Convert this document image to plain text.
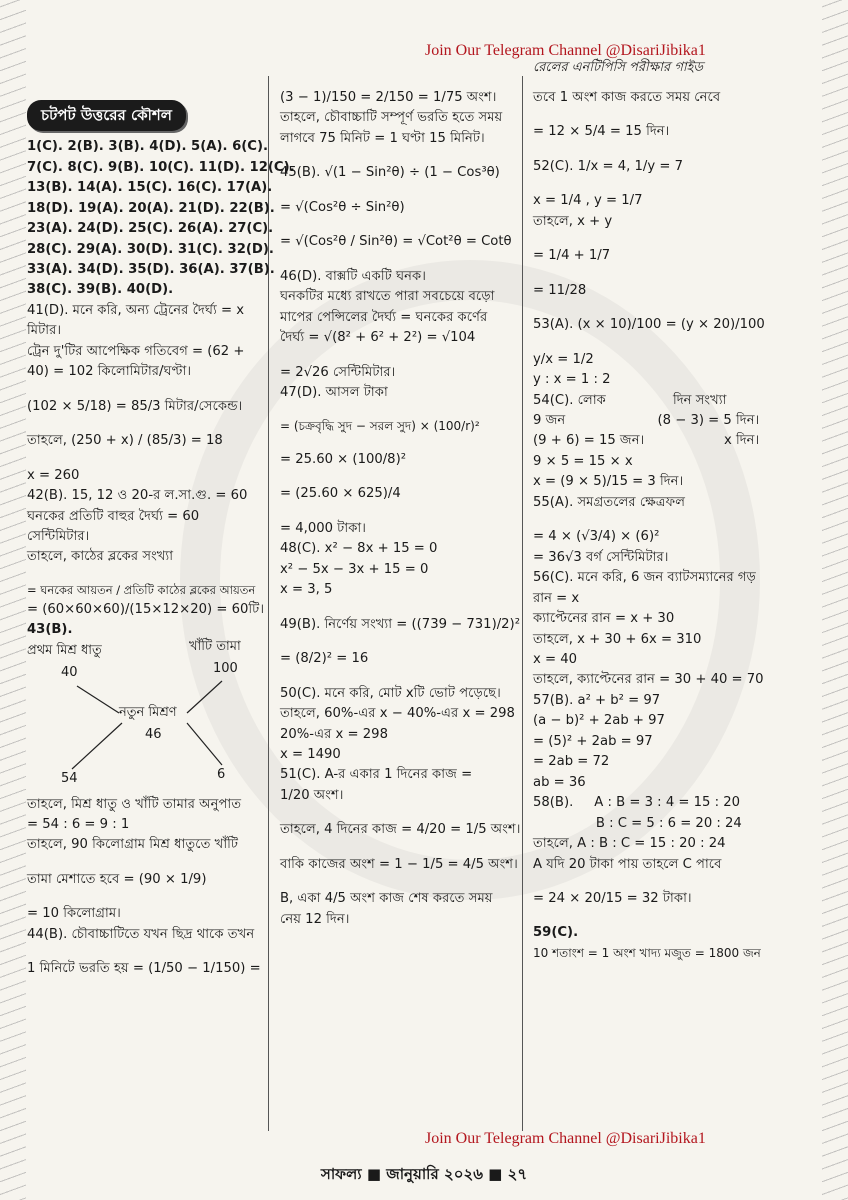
Join Our Telegram Channel @DisariJibika1
রেলের এনটিপিসি পরীক্ষার গাইড
চটপট উত্তরের কৌশল
1(C). 2(B). 3(B). 4(D). 5(A). 6(C).
7(C). 8(C). 9(B). 10(C). 11(D). 12(C).
13(B). 14(A). 15(C). 16(C). 17(A).
18(D). 19(A). 20(A). 21(D). 22(B).
23(A). 24(D). 25(C). 26(A). 27(C).
28(C). 29(A). 30(D). 31(C). 32(D).
33(A). 34(D). 35(D). 36(A). 37(B).
38(C). 39(B). 40(D).
41(D). মনে করি, অন্য ট্রেনের দৈর্ঘ্য = x
মিটার।
ট্রেন দু'টির আপেক্ষিক গতিবেগ = (62 +
40) = 102 কিলোমিটার/ঘণ্টা।
(102 × 5/18) = 85/3 মিটার/সেকেন্ড।
তাহলে, (250 + x) / (85/3) = 18
x = 260
42(B). 15, 12 ও 20-র ল.সা.গু. = 60
ঘনকের প্রতিটি বাহুর দৈর্ঘ্য = 60
সেন্টিমিটার।
তাহলে, কাঠের ব্লকের সংখ্যা
= ঘনকের আয়তন / প্রতিটি কাঠের ব্লকের আয়তন
= (60×60×60)/(15×12×20) = 60টি।
43(B).
প্রথম মিশ্র ধাতু	খাঁটি তামা
40	100
নতুন মিশ্রণ
46
54	6
তাহলে, মিশ্র ধাতু ও খাঁটি তামার অনুপাত
= 54 : 6 = 9 : 1
তাহলে, 90 কিলোগ্রাম মিশ্র ধাতুতে খাঁটি
তামা মেশাতে হবে = (90 × 1/9)
= 10 কিলোগ্রাম।
44(B). চৌবাচ্চাটিতে যখন ছিদ্র থাকে তখন
1 মিনিটে ভরতি হয় = (1/50 − 1/150) =
(3 − 1)/150 = 2/150 = 1/75 অংশ।
তাহলে, চৌবাচ্চাটি সম্পূর্ণ ভরতি হতে সময়
লাগবে 75 মিনিট = 1 ঘণ্টা 15 মিনিট।
45(B). √(1 − Sin²θ) ÷ (1 − Cos³θ)
= √(Cos²θ ÷ Sin²θ)
= √(Cos²θ / Sin²θ) = √Cot²θ = Cotθ
46(D). বাক্সটি একটি ঘনক।
ঘনকটির মধ্যে রাখতে পারা সবচেয়ে বড়ো
মাপের পেন্সিলের দৈর্ঘ্য = ঘনকের কর্ণের
দৈর্ঘ্য = √(8² + 6² + 2²) = √104
= 2√26 সেন্টিমিটার।
47(D). আসল টাকা
= (চক্রবৃদ্ধি সুদ − সরল সুদ) × (100/r)²
= 25.60 × (100/8)²
= (25.60 × 625)/4
= 4,000 টাকা।
48(C). x² − 8x + 15 = 0
x² − 5x − 3x + 15 = 0
x = 3, 5
49(B). নির্ণেয় সংখ্যা = ((739 − 731)/2)²
= (8/2)² = 16
50(C). মনে করি, মোট xটি ভোট পড়েছে।
তাহলে, 60%-এর x − 40%-এর x = 298
20%-এর x = 298
x = 1490
51(C). A-র একার 1 দিনের কাজ =
1/20 অংশ।
তাহলে, 4 দিনের কাজ = 4/20 = 1/5 অংশ।
বাকি কাজের অংশ = 1 − 1/5 = 4/5 অংশ।
B, একা 4/5 অংশ কাজ শেষ করতে সময়
নেয় 12 দিন।
তবে 1 অংশ কাজ করতে সময় নেবে
= 12 × 5/4 = 15 দিন।
52(C). 1/x = 4, 1/y = 7
x = 1/4 , y = 1/7
তাহলে, x + y
= 1/4 + 1/7
= 11/28
53(A). (x × 10)/100 = (y × 20)/100
y/x = 1/2
y : x = 1 : 2
54(C). লোক                দিন সংখ্যা
9 জন                      (8 − 3) = 5 দিন।
(9 + 6) = 15 জন।                   x দিন।
9 × 5 = 15 × x
x = (9 × 5)/15 = 3 দিন।
55(A). সমগ্রতলের ক্ষেত্রফল
= 4 × (√3/4) × (6)²
= 36√3 বর্গ সেন্টিমিটার।
56(C). মনে করি, 6 জন ব্যাটসম্যানের গড়
রান = x
ক্যাপ্টেনের রান = x + 30
তাহলে, x + 30 + 6x = 310
x = 40
তাহলে, ক্যাপ্টেনের রান = 30 + 40 = 70
57(B). a² + b² = 97
(a − b)² + 2ab + 97
= (5)² + 2ab = 97
= 2ab = 72
ab = 36
58(B).     A : B = 3 : 4 = 15 : 20
B : C = 5 : 6 = 20 : 24
তাহলে, A : B : C = 15 : 20 : 24
A যদি 20 টাকা পায় তাহলে C পাবে
= 24 × 20/15 = 32 টাকা।
59(C).
10 শতাংশ = 1 অংশ খাদ্য মজুত = 1800 জন
Join Our Telegram Channel @DisariJibika1
সাফল্য ■ জানুয়ারি ২০২৬ ■ ২৭
